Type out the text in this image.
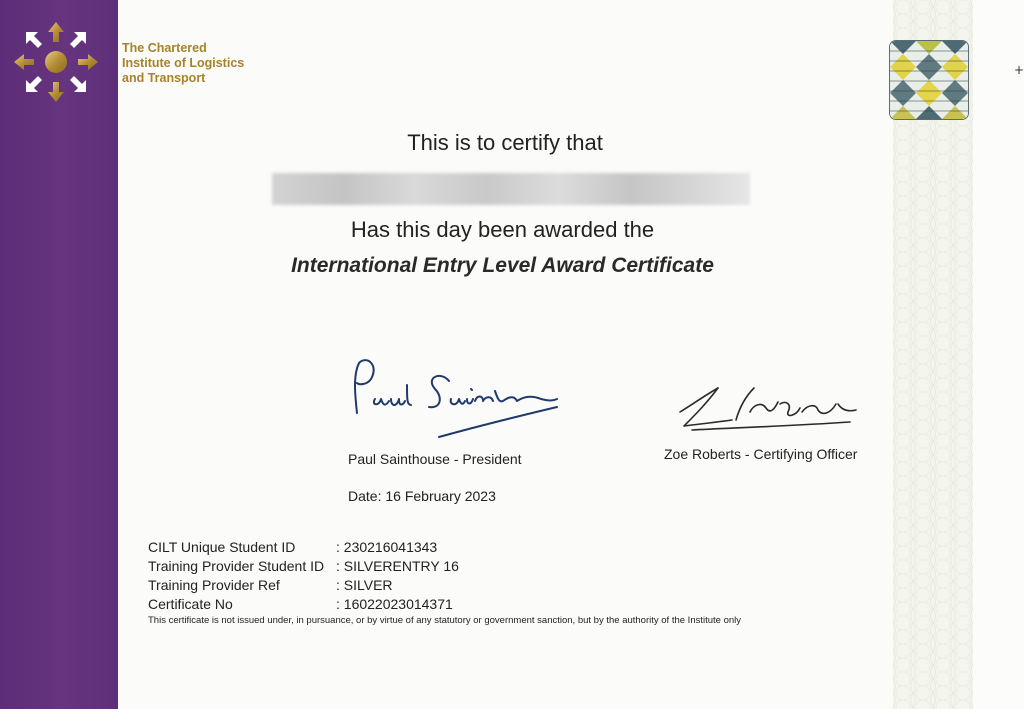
The Chartered
Institute of Logistics
and Transport
+
This is to certify that
Has this day been awarded the
International Entry Level Award Certificate
Paul Sainthouse - President	Zoe Roberts - Certifying Officer
Date: 16 February 2023
CILT Unique Student ID	: 230216041343
Training Provider Student ID : SILVERENTRY 16
Training Provider Ref	: SILVER
Certificate No	: 16022023014371
This certificate is not issued under, in pursuance, or by virtue of any statutory or government sanction, but by the authority of the Institute only
